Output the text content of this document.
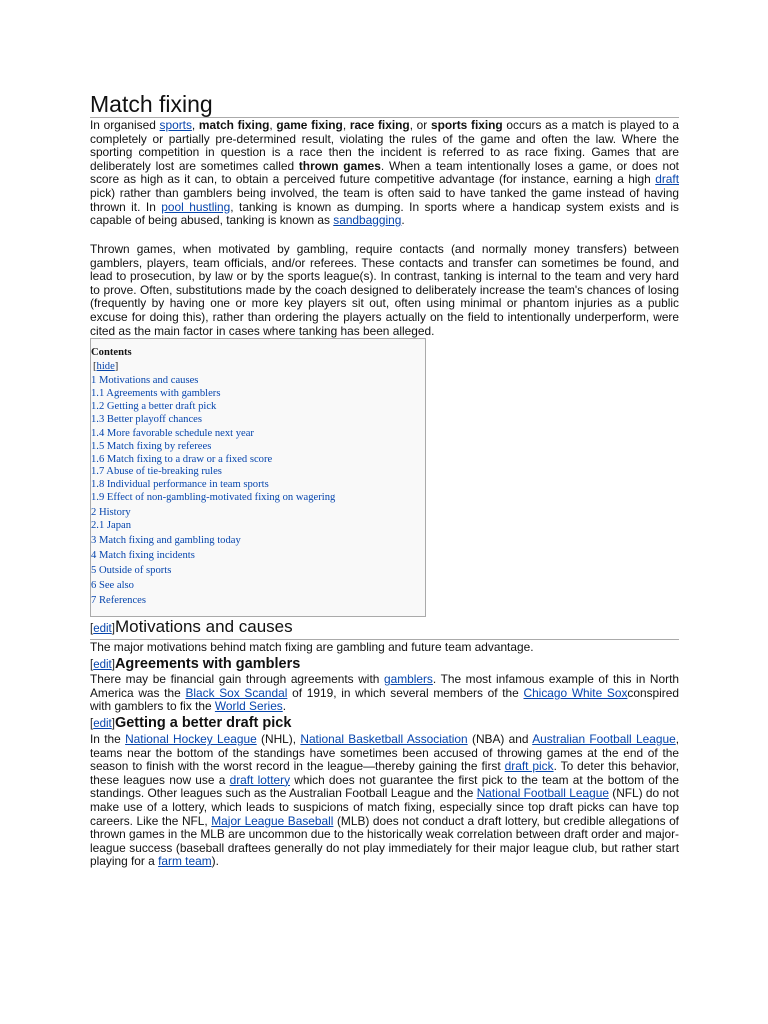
Match fixing

In organised sports, match fixing, game fixing, race fixing, or sports fixing occurs as a match is played to a completely or partially pre-determined result, violating the rules of the game and often the law. Where the sporting competition in question is a race then the incident is referred to as race fixing. Games that are deliberately lost are sometimes called thrown games. When a team intentionally loses a game, or does not score as high as it can, to obtain a perceived future competitive advantage (for instance, earning a high draft pick) rather than gamblers being involved, the team is often said to have tanked the game instead of having thrown it. In pool hustling, tanking is known as dumping. In sports where a handicap system exists and is capable of being abused, tanking is known as sandbagging.

Thrown games, when motivated by gambling, require contacts (and normally money transfers) between gamblers, players, team officials, and/or referees. These contacts and transfer can sometimes be found, and lead to prosecution, by law or by the sports league(s). In contrast, tanking is internal to the team and very hard to prove. Often, substitutions made by the coach designed to deliberately increase the team's chances of losing (frequently by having one or more key players sit out, often using minimal or phantom injuries as a public excuse for doing this), rather than ordering the players actually on the field to intentionally underperform, were cited as the main factor in cases where tanking has been alleged.

Contents
[hide]
1 Motivations and causes
1.1 Agreements with gamblers
1.2 Getting a better draft pick
1.3 Better playoff chances
1.4 More favorable schedule next year
1.5 Match fixing by referees
1.6 Match fixing to a draw or a fixed score
1.7 Abuse of tie-breaking rules
1.8 Individual performance in team sports
1.9 Effect of non-gambling-motivated fixing on wagering
2 History
2.1 Japan
3 Match fixing and gambling today
4 Match fixing incidents
5 Outside of sports
6 See also
7 References
[edit]Motivations and causes

The major motivations behind match fixing are gambling and future team advantage.

[edit]Agreements with gamblers

There may be financial gain through agreements with gamblers. The most infamous example of this in North America was the Black Sox Scandal of 1919, in which several members of the Chicago White Soxconspired with gamblers to fix the World Series.

[edit]Getting a better draft pick

In the National Hockey League (NHL), National Basketball Association (NBA) and Australian Football League, teams near the bottom of the standings have sometimes been accused of throwing games at the end of the season to finish with the worst record in the league—thereby gaining the first draft pick. To deter this behavior, these leagues now use a draft lottery which does not guarantee the first pick to the team at the bottom of the standings. Other leagues such as the Australian Football League and the National Football League (NFL) do not make use of a lottery, which leads to suspicions of match fixing, especially since top draft picks can have top careers. Like the NFL, Major League Baseball (MLB) does not conduct a draft lottery, but credible allegations of thrown games in the MLB are uncommon due to the historically weak correlation between draft order and major-league success (baseball draftees generally do not play immediately for their major league club, but rather start playing for a farm team).
